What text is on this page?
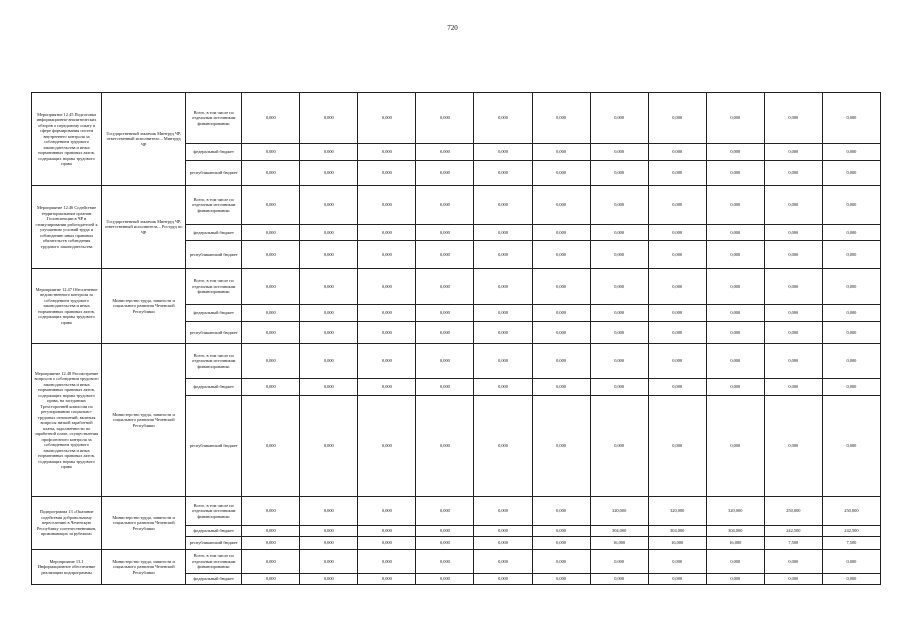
720
Мероприятие 12.45 Подготовка информационно-аналитических обзоров о передовому опыту в сфере формирования систем внутреннего контроля за соблюдением трудового законодательства и иных нормативных правовых актов, содержащих нормы трудового права	Государственный заказчик Минтруд ЧР, ответственный исполнитель – Минтруд ЧР	Всего, в том числе по отдельным источникам финансирования:	0,000	0,000	0,000	0,000	0,000	0,000	0,000	0,000	0,000	0,000	0,000
		федеральный бюджет	0,000	0,000	0,000	0,000	0,000	0,000	0,000	0,000	0,000	0,000	0,000
		республиканский бюджет	0,000	0,000	0,000	0,000	0,000	0,000	0,000	0,000	0,000	0,000	0,000
Мероприятие 12.46 Содействие территориальным органам Госинспекции в ЧР в стимулировании работодателей к улучшению условий труда и соблюдению иных правовых обязательств соблюдения трудового законодательства	Государственный заказчик Минтруд ЧР, ответственный исполнитель – Роструд по ЧР	Всего, в том числе по отдельным источникам финансирования:	0,000	0,000	0,000	0,000	0,000	0,000	0,000	0,000	0,000	0,000	0,000
		федеральный бюджет	0,000	0,000	0,000	0,000	0,000	0,000	0,000	0,000	0,000	0,000	0,000
		республиканский бюджет	0,000	0,000	0,000	0,000	0,000	0,000	0,000	0,000	0,000	0,000	0,000
Мероприятие 12.47 Обеспечение ведомственного контроля за соблюдением трудового законодательства и иных нормативных правовых актов, содержащих нормы трудового права	Министерство труда, занятости и социального развития Чеченской Республики	Всего, в том числе по отдельным источникам финансирования:	0,000	0,000	0,000	0,000	0,000	0,000	0,000	0,000	0,000	0,000	0,000
		федеральный бюджет	0,000	0,000	0,000	0,000	0,000	0,000	0,000	0,000	0,000	0,000	0,000
		республиканский бюджет	0,000	0,000	0,000	0,000	0,000	0,000	0,000	0,000	0,000	0,000	0,000
Мероприятие 12.48 Рассмотрение вопросов о соблюдении трудового законодательства и иных нормативных правовых актов, содержащих нормы трудового права, на заседаниях Трехсторонней комиссии по регулированию социально-трудовых отношений, включая вопросы низкой заработной платы, задолженности по заработной плате, осуществления профсоюзного контроля за соблюдением трудового законодательства и иных нормативных правовых актов, содержащих нормы трудового права	Министерство труда, занятости и социального развития Чеченской Республики	Всего, в том числе по отдельным источникам финансирования:	0,000	0,000	0,000	0,000	0,000	0,000	0,000	0,000	0,000	0,000	0,000
		федеральный бюджет	0,000	0,000	0,000	0,000	0,000	0,000	0,000	0,000	0,000	0,000	0,000
		республиканский бюджет	0,000	0,000	0,000	0,000	0,000	0,000	0,000	0,000	0,000	0,000	0,000
Подпрограмма 13 «Оказание содействия добровольному переселению в Чеченскую Республику соотечественников, проживающих за рубежом»	Министерство труда, занятости и социального развития Чеченской Республики	Всего, в том числе по отдельным источникам финансирования:	0,000	0,000	0,000	0,000	0,000	0,000	320,000	320,000	320,000	250,000	250,000
		федеральный бюджет	0,000	0,000	0,000	0,000	0,000	0,000	304,000	304,000	304,000	242,500	242,500
		республиканский бюджет	0,000	0,000	0,000	0,000	0,000	0,000	16,000	16,000	16,000	7,500	7,500
Мероприятие 13.1 Информационное обеспечение реализации подпрограммы	Министерство труда, занятости и социального развития Чеченской Республики	Всего, в том числе по отдельным источникам финансирования:	0,000	0,000	0,000	0,000	0,000	0,000	0,000	0,000	0,000	0,000	0,000
		федеральный бюджет	0,000	0,000	0,000	0,000	0,000	0,000	0,000	0,000	0,000	0,000	0,000
